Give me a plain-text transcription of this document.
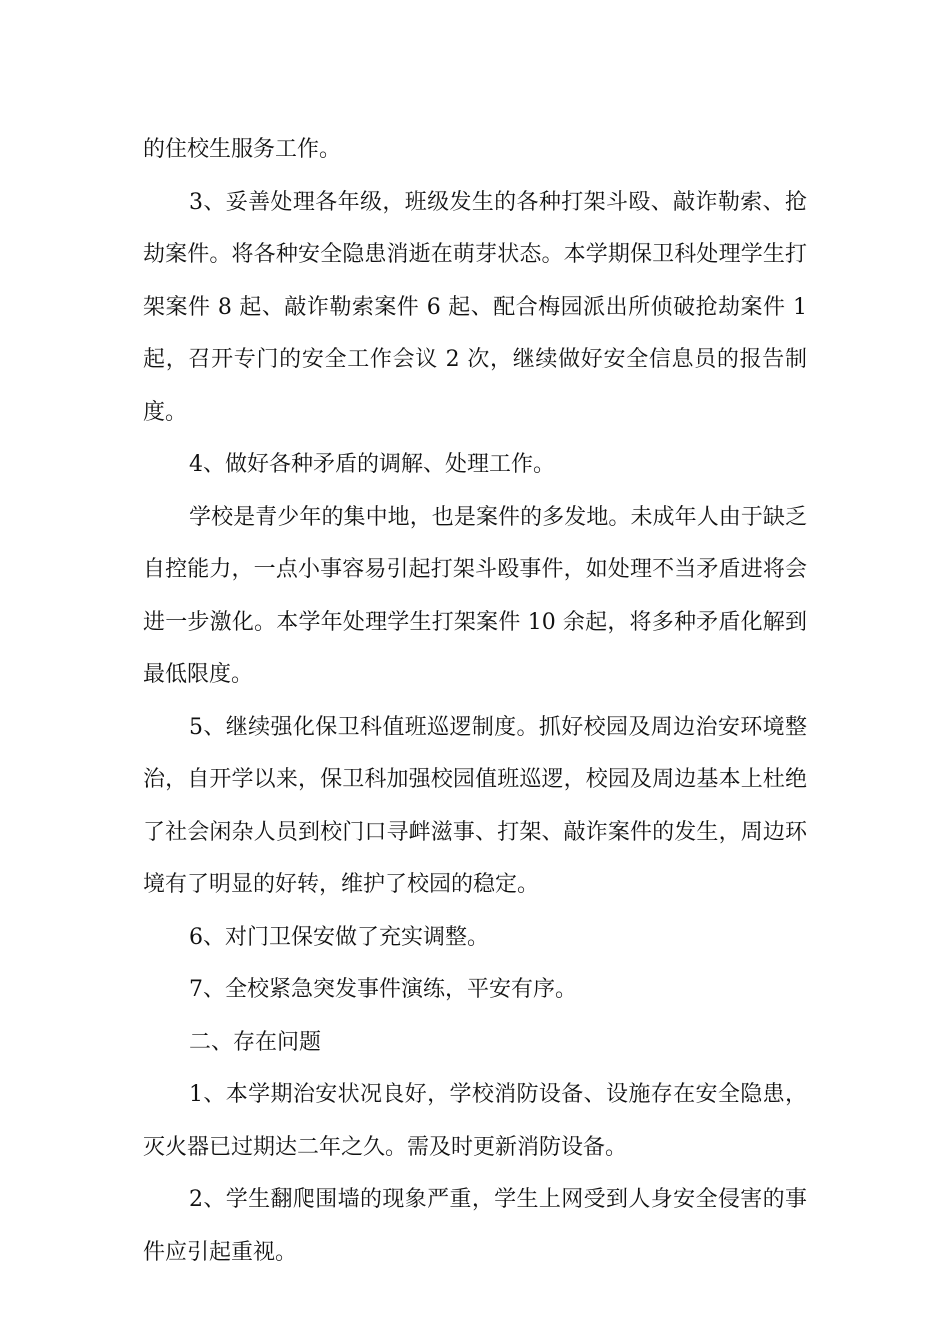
的住校生服务工作。

3、妥善处理各年级，班级发生的各种打架斗殴、敲诈勒索、抢劫案件。将各种安全隐患消逝在萌芽状态。本学期保卫科处理学生打架案件 8 起、敲诈勒索案件 6 起、配合梅园派出所侦破抢劫案件 1 起，召开专门的安全工作会议 2 次，继续做好安全信息员的报告制度。

4、做好各种矛盾的调解、处理工作。

学校是青少年的集中地，也是案件的多发地。未成年人由于缺乏自控能力，一点小事容易引起打架斗殴事件，如处理不当矛盾进将会进一步激化。本学年处理学生打架案件 10 余起，将多种矛盾化解到最低限度。

5、继续强化保卫科值班巡逻制度。抓好校园及周边治安环境整治，自开学以来，保卫科加强校园值班巡逻，校园及周边基本上杜绝了社会闲杂人员到校门口寻衅滋事、打架、敲诈案件的发生，周边环境有了明显的好转，维护了校园的稳定。

6、对门卫保安做了充实调整。

7、全校紧急突发事件演练，平安有序。

二、存在问题

1、本学期治安状况良好，学校消防设备、设施存在安全隐患，灭火器已过期达二年之久。需及时更新消防设备。

2、学生翻爬围墙的现象严重，学生上网受到人身安全侵害的事件应引起重视。
